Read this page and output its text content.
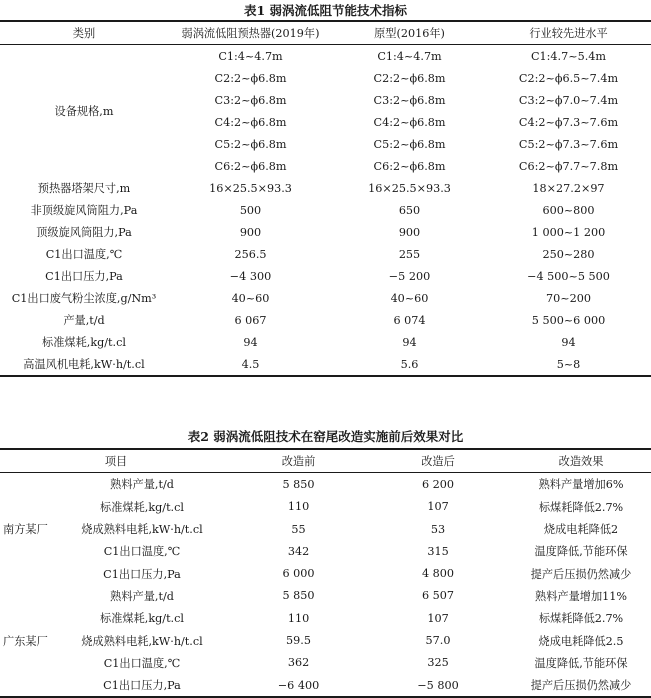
表1 弱涡流低阻节能技术指标
类别	弱涡流低阻预热器(2019年)	原型(2016年)	行业较先进水平
设备规格,m	C1:4~4.7m	C1:4~4.7m	C1:4.7~5.4m
	C2:2~ϕ6.8m	C2:2~ϕ6.8m	C2:2~ϕ6.5~7.4m
	C3:2~ϕ6.8m	C3:2~ϕ6.8m	C3:2~ϕ7.0~7.4m
	C4:2~ϕ6.8m	C4:2~ϕ6.8m	C4:2~ϕ7.3~7.6m
	C5:2~ϕ6.8m	C5:2~ϕ6.8m	C5:2~ϕ7.3~7.6m
	C6:2~ϕ6.8m	C6:2~ϕ6.8m	C6:2~ϕ7.7~7.8m
预热器塔架尺寸,m	16×25.5×93.3	16×25.5×93.3	18×27.2×97
非顶级旋风筒阻力,Pa	500	650	600~800
顶级旋风筒阻力,Pa	900	900	1 000~1 200
C1出口温度,℃	256.5	255	250~280
C1出口压力,Pa	−4 300	−5 200	−4 500~5 500
C1出口废气粉尘浓度,g/Nm³	40~60	40~60	70~200
产量,t/d	6 067	6 074	5 500~6 000
标准煤耗,kg/t.cl	94	94	94
高温风机电耗,kW·h/t.cl	4.5	5.6	5~8
表2 弱涡流低阻技术在窑尾改造实施前后效果对比
项目		改造前	改造后	改造效果
南方某厂	熟料产量,t/d	5 850	6 200	熟料产量增加6%
	标准煤耗,kg/t.cl	110	107	标煤耗降低2.7%
	烧成熟料电耗,kW·h/t.cl	55	53	烧成电耗降低2
	C1出口温度,℃	342	315	温度降低,节能环保
	C1出口压力,Pa	6 000	4 800	提产后压损仍然减少
广东某厂	熟料产量,t/d	5 850	6 507	熟料产量增加11%
	标准煤耗,kg/t.cl	110	107	标煤耗降低2.7%
	烧成熟料电耗,kW·h/t.cl	59.5	57.0	烧成电耗降低2.5
	C1出口温度,℃	362	325	温度降低,节能环保
	C1出口压力,Pa	−6 400	−5 800	提产后压损仍然减少
